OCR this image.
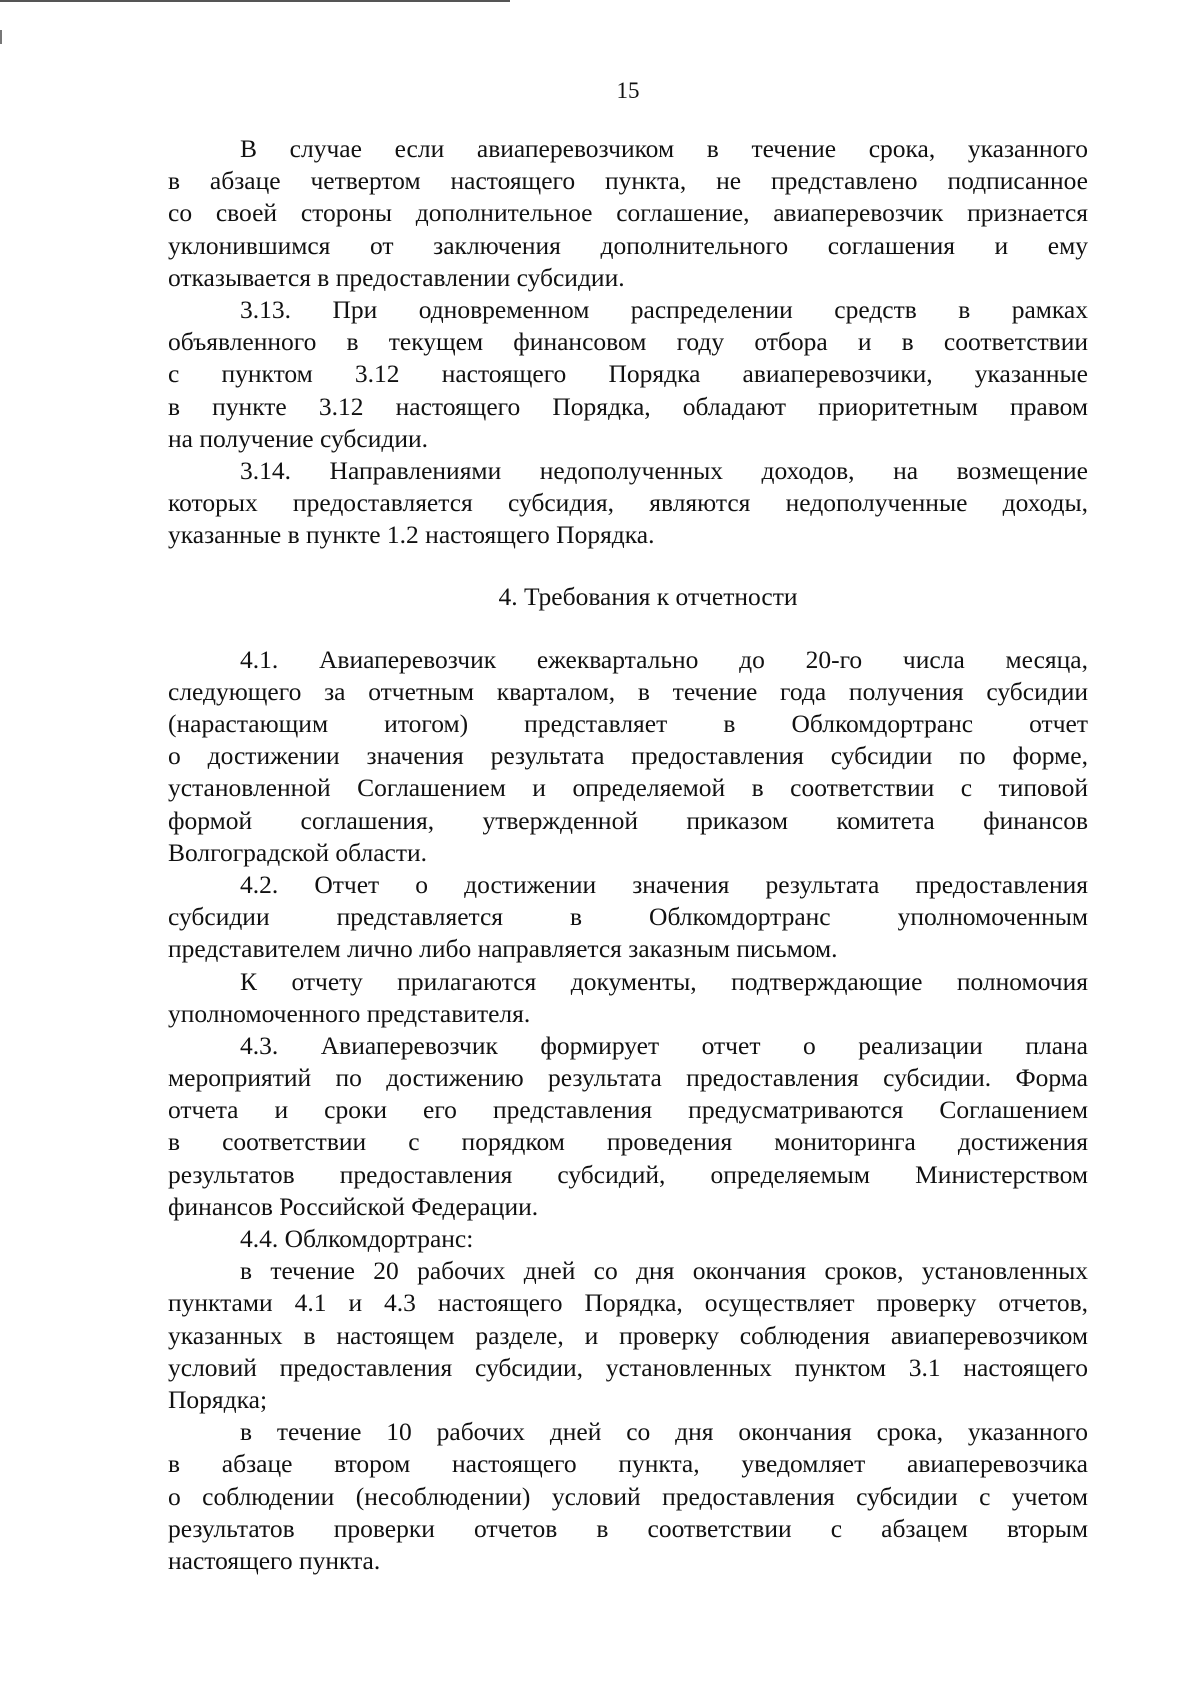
15
В случае если авиаперевозчиком в течение срока, указанного
в абзаце четвертом настоящего пункта, не представлено подписанное
со своей стороны дополнительное соглашение, авиаперевозчик признается
уклонившимся от заключения дополнительного соглашения и ему
отказывается в предоставлении субсидии.
3.13. При одновременном распределении средств в рамках
объявленного в текущем финансовом году отбора и в соответствии
с пунктом 3.12 настоящего Порядка авиаперевозчики, указанные
в пункте 3.12 настоящего Порядка, обладают приоритетным правом
на получение субсидии.
3.14. Направлениями недополученных доходов, на возмещение
которых предоставляется субсидия, являются недополученные доходы,
указанные в пункте 1.2 настоящего Порядка.
4. Требования к отчетности
4.1. Авиаперевозчик ежеквартально до 20-го числа месяца,
следующего за отчетным кварталом, в течение года получения субсидии
(нарастающим итогом) представляет в Облкомдортранс отчет
о достижении значения результата предоставления субсидии по форме,
установленной Соглашением и определяемой в соответствии с типовой
формой соглашения, утвержденной приказом комитета финансов
Волгоградской области.
4.2. Отчет о достижении значения результата предоставления
субсидии представляется в Облкомдортранс уполномоченным
представителем лично либо направляется заказным письмом.
К отчету прилагаются документы, подтверждающие полномочия
уполномоченного представителя.
4.3. Авиаперевозчик формирует отчет о реализации плана
мероприятий по достижению результата предоставления субсидии. Форма
отчета и сроки его представления предусматриваются Соглашением
в соответствии с порядком проведения мониторинга достижения
результатов предоставления субсидий, определяемым Министерством
финансов Российской Федерации.
4.4. Облкомдортранс:
в течение 20 рабочих дней со дня окончания сроков, установленных
пунктами 4.1 и 4.3 настоящего Порядка, осуществляет проверку отчетов,
указанных в настоящем разделе, и проверку соблюдения авиаперевозчиком
условий предоставления субсидии, установленных пунктом 3.1 настоящего
Порядка;
в течение 10 рабочих дней со дня окончания срока, указанного
в абзаце втором настоящего пункта, уведомляет авиаперевозчика
о соблюдении (несоблюдении) условий предоставления субсидии с учетом
результатов проверки отчетов в соответствии с абзацем вторым
настоящего пункта.
